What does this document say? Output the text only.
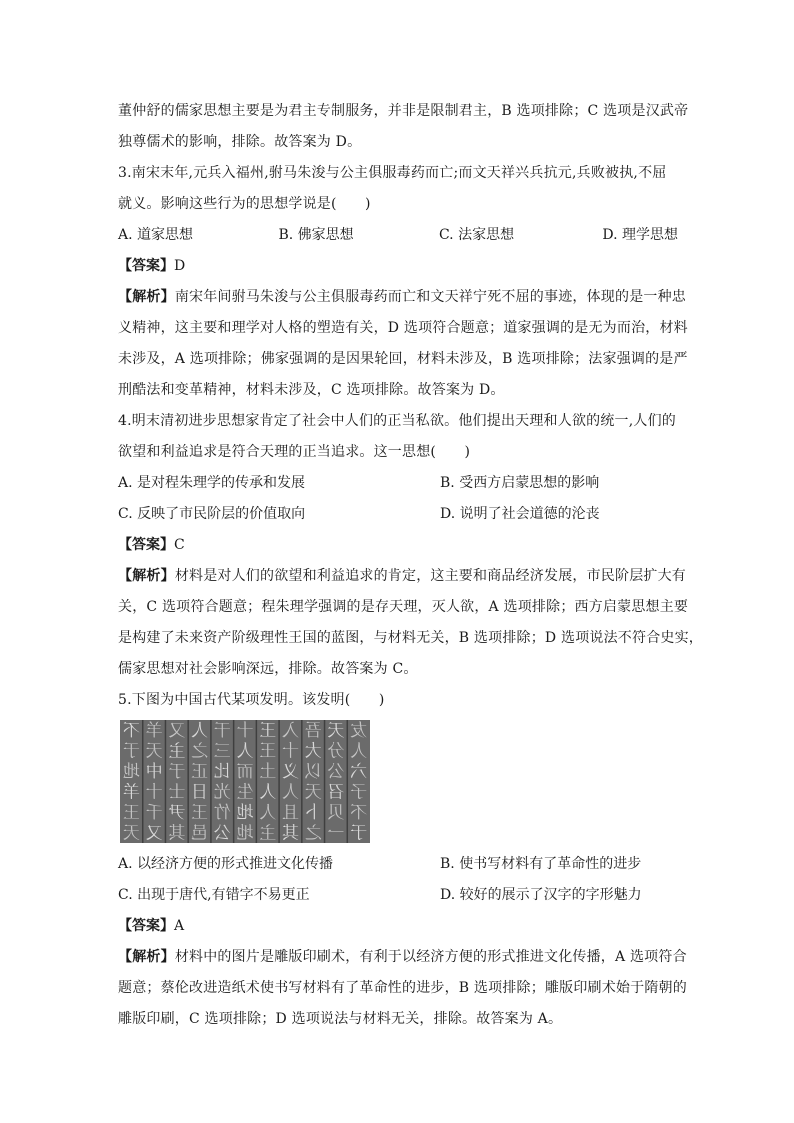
董仲舒的儒家思想主要是为君主专制服务，并非是限制君主，B 选项排除；C 选项是汉武帝
独尊儒术的影响，排除。故答案为 D。
3.南宋末年,元兵入福州,驸马朱浚与公主俱服毒药而亡;而文天祥兴兵抗元,兵败被执,不屈
就义。影响这些行为的思想学说是(　　)
A. 道家思想	B. 佛家思想	C. 法家思想	D. 理学思想
【答案】D
【解析】南宋年间驸马朱浚与公主俱服毒药而亡和文天祥宁死不屈的事迹，体现的是一种忠
义精神，这主要和理学对人格的塑造有关，D 选项符合题意；道家强调的是无为而治，材料
未涉及，A 选项排除；佛家强调的是因果轮回，材料未涉及，B 选项排除；法家强调的是严
刑酷法和变革精神，材料未涉及，C 选项排除。故答案为 D。
4.明末清初进步思想家肯定了社会中人们的正当私欲。他们提出天理和人欲的统一,人们的
欲望和利益追求是符合天理的正当追求。这一思想(　　)
A. 是对程朱理学的传承和发展	B. 受西方启蒙思想的影响
C. 反映了市民阶层的价值取向	D. 说明了社会道德的沦丧
【答案】C
【解析】材料是对人们的欲望和利益追求的肯定，这主要和商品经济发展，市民阶层扩大有
关，C 选项符合题意；程朱理学强调的是存天理，灭人欲，A 选项排除；西方启蒙思想主要
是构建了未来资产阶级理性王国的蓝图，与材料无关，B 选项排除；D 选项说法不符合史实，
儒家思想对社会影响深远，排除。故答案为 C。
5.下图为中国古代某项发明。该发明(　　)
不
于
地
羊
王
天
羊
天
中
十
千
又
又
主
于
士
尹
其
人
之
正
日
王
邑
干
三
比
光
竹
公
十
人
而
生
地
地
王
王
土
人
人
主
入
十
义
人
且
其
吾
大
以
天
卜
之
天
分
公
召
贝
一
友
人
六
子
不
于
A. 以经济方便的形式推进文化传播	B. 使书写材料有了革命性的进步
C. 出现于唐代,有错字不易更正	D. 较好的展示了汉字的字形魅力
【答案】A
【解析】材料中的图片是雕版印刷术，有利于以经济方便的形式推进文化传播，A 选项符合
题意；蔡伦改进造纸术使书写材料有了革命性的进步，B 选项排除；雕版印刷术始于隋朝的
雕版印刷，C 选项排除；D 选项说法与材料无关，排除。故答案为 A。
